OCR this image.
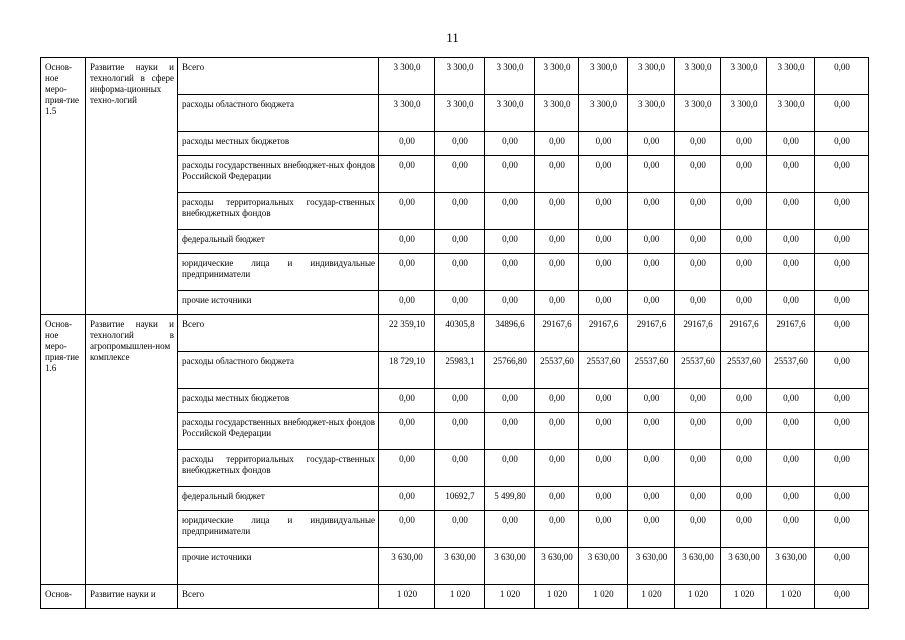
11
Основ-ное меро-прия-тие 1.5	Развитие науки и технологий в сфере информа-ционных техно-логий	Всего	3 300,0	3 300,0	3 300,0	3 300,0	3 300,0	3 300,0	3 300,0	3 300,0	3 300,0	0,00
		расходы областного бюджета	3 300,0	3 300,0	3 300,0	3 300,0	3 300,0	3 300,0	3 300,0	3 300,0	3 300,0	0,00
		расходы местных бюджетов	0,00	0,00	0,00	0,00	0,00	0,00	0,00	0,00	0,00	0,00
		расходы государственных внебюджет-ных фондов Российской Федерации	0,00	0,00	0,00	0,00	0,00	0,00	0,00	0,00	0,00	0,00
		расходы территориальных государ-ственных внебюджетных фондов	0,00	0,00	0,00	0,00	0,00	0,00	0,00	0,00	0,00	0,00
		федеральный бюджет	0,00	0,00	0,00	0,00	0,00	0,00	0,00	0,00	0,00	0,00
		юридические лица и индивидуальные предприниматели	0,00	0,00	0,00	0,00	0,00	0,00	0,00	0,00	0,00	0,00
		прочие источники	0,00	0,00	0,00	0,00	0,00	0,00	0,00	0,00	0,00	0,00
Основ-ное меро-прия-тие 1.6	Развитие науки и технологий в агропромышлен-ном комплексе	Всего	22 359,10	40305,8	34896,6	29167,6	29167,6	29167,6	29167,6	29167,6	29167,6	0,00
		расходы областного бюджета	18 729,10	25983,1	25766,80	25537,60	25537,60	25537,60	25537,60	25537,60	25537,60	0,00
		расходы местных бюджетов	0,00	0,00	0,00	0,00	0,00	0,00	0,00	0,00	0,00	0,00
		расходы государственных внебюджет-ных фондов Российской Федерации	0,00	0,00	0,00	0,00	0,00	0,00	0,00	0,00	0,00	0,00
		расходы территориальных государ-ственных внебюджетных фондов	0,00	0,00	0,00	0,00	0,00	0,00	0,00	0,00	0,00	0,00
		федеральный бюджет	0,00	10692,7	5 499,80	0,00	0,00	0,00	0,00	0,00	0,00	0,00
		юридические лица и индивидуальные предприниматели	0,00	0,00	0,00	0,00	0,00	0,00	0,00	0,00	0,00	0,00
		прочие источники	3 630,00	3 630,00	3 630,00	3 630,00	3 630,00	3 630,00	3 630,00	3 630,00	3 630,00	0,00
Основ-	Развитие науки и	Всего	1 020	1 020	1 020	1 020	1 020	1 020	1 020	1 020	1 020	0,00
